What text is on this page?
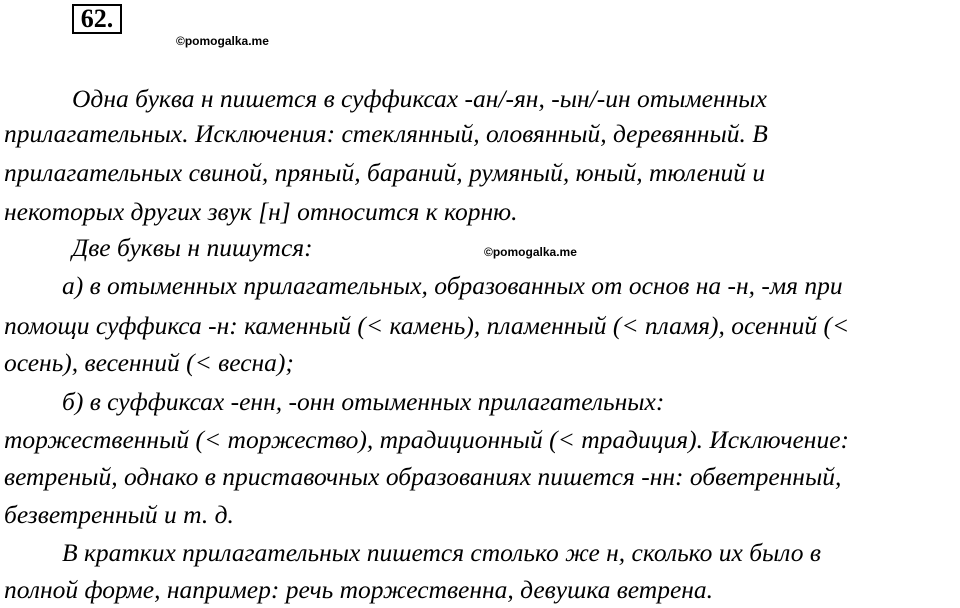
62.
©pomogalka.me
Одна буква н пишется в суффиксах -ан/-ян, -ын/-ин отыменных
прилагательных. Исключения: стеклянный, оловянный, деревянный. В
прилагательных свиной, пряный, бараний, румяный, юный, тюлений и
некоторых других звук [н] относится к корню.
Две буквы н пишутся:	©pomogalka.me
а) в отыменных прилагательных, образованных от основ на -н, -мя при
помощи суффикса -н: каменный (< камень), пламенный (< пламя), осенний (<
осень), весенний (< весна);
б) в суффиксах -енн, -онн отыменных прилагательных:
торжественный (< торжество), традиционный (< традиция). Исключение:
ветреный, однако в приставочных образованиях пишется -нн: обветренный,
безветренный и т. д.
В кратких прилагательных пишется столько же н, сколько их было в
полной форме, например: речь торжественна, девушка ветрена.
